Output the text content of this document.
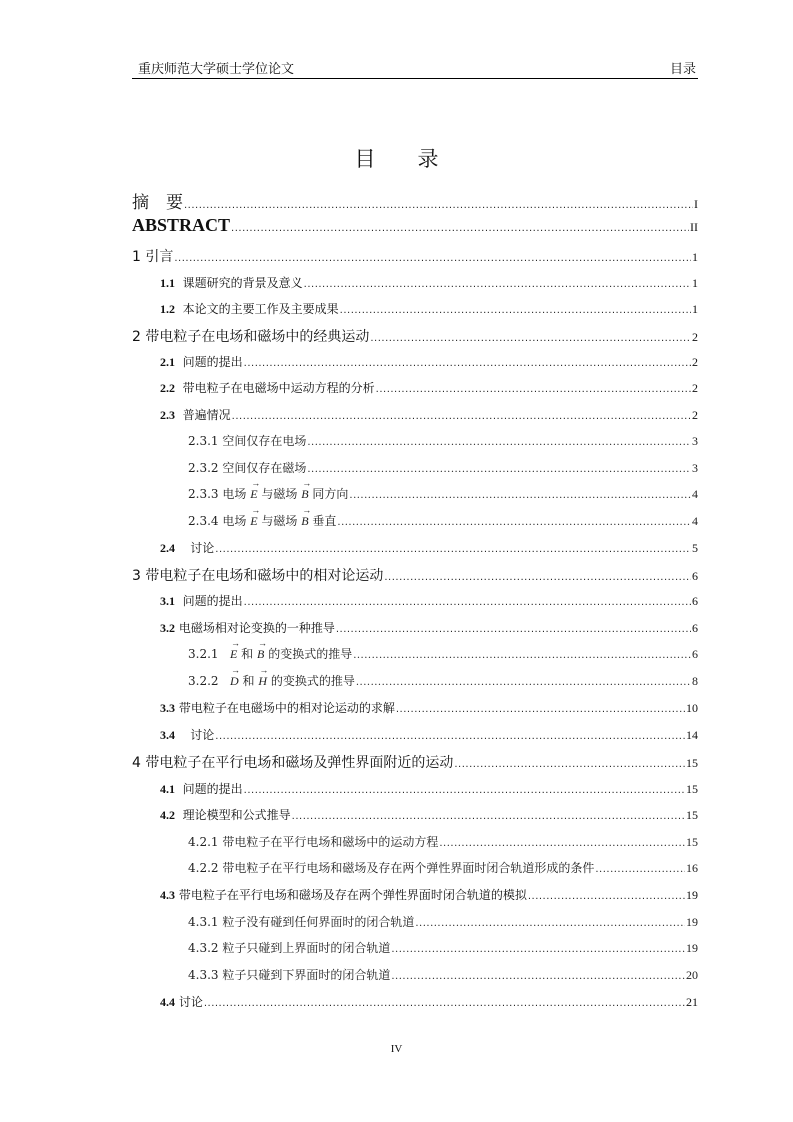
重庆师范大学硕士学位论文	目录
目 录
摘　要 .....	I
ABSTRACT .....	II
1 引言 .....	1
1.1 课题研究的背景及意义 .....	1
1.2 本论文的主要工作及主要成果 .....	1
2 带电粒子在电场和磁场中的经典运动 .....	2
2.1 问题的提出 .....	2
2.2 带电粒子在电磁场中运动方程的分析 .....	2
2.3 普遍情况 .....	2
2.3.1 空间仅存在电场 .....	3
2.3.2 空间仅存在磁场 .....	3
2.3.3 电场 → E 与磁场 → B 同方向 .....	4
2.3.4 电场 → E 与磁场 → B 垂直 .....	4
2.4 讨论 .....	5
3 带电粒子在电场和磁场中的相对论运动 .....	6
3.1 问题的提出 .....	6
3.2 电磁场相对论变换的一种推导 .....	6
3.2.1 → E 和 → B 的变换式的推导 .....	6
3.2.2 → D 和 → H 的变换式的推导 .....	8
3.3 带电粒子在电磁场中的相对论运动的求解 .....	10
3.4 讨论 .....	14
4 带电粒子在平行电场和磁场及弹性界面附近的运动 .....	15
4.1 问题的提出 .....	15
4.2 理论模型和公式推导 .....	15
4.2.1 带电粒子在平行电场和磁场中的运动方程 .....	15
4.2.2 带电粒子在平行电场和磁场及存在两个弹性界面时闭合轨道形成的条件 .....	16
4.3 带电粒子在平行电场和磁场及存在两个弹性界面时闭合轨道的模拟 .....	19
4.3.1 粒子没有碰到任何界面时的闭合轨道 .....	19
4.3.2 粒子只碰到上界面时的闭合轨道 .....	19
4.3.3 粒子只碰到下界面时的闭合轨道 .....	20
4.4 讨论 .....	21
IV
